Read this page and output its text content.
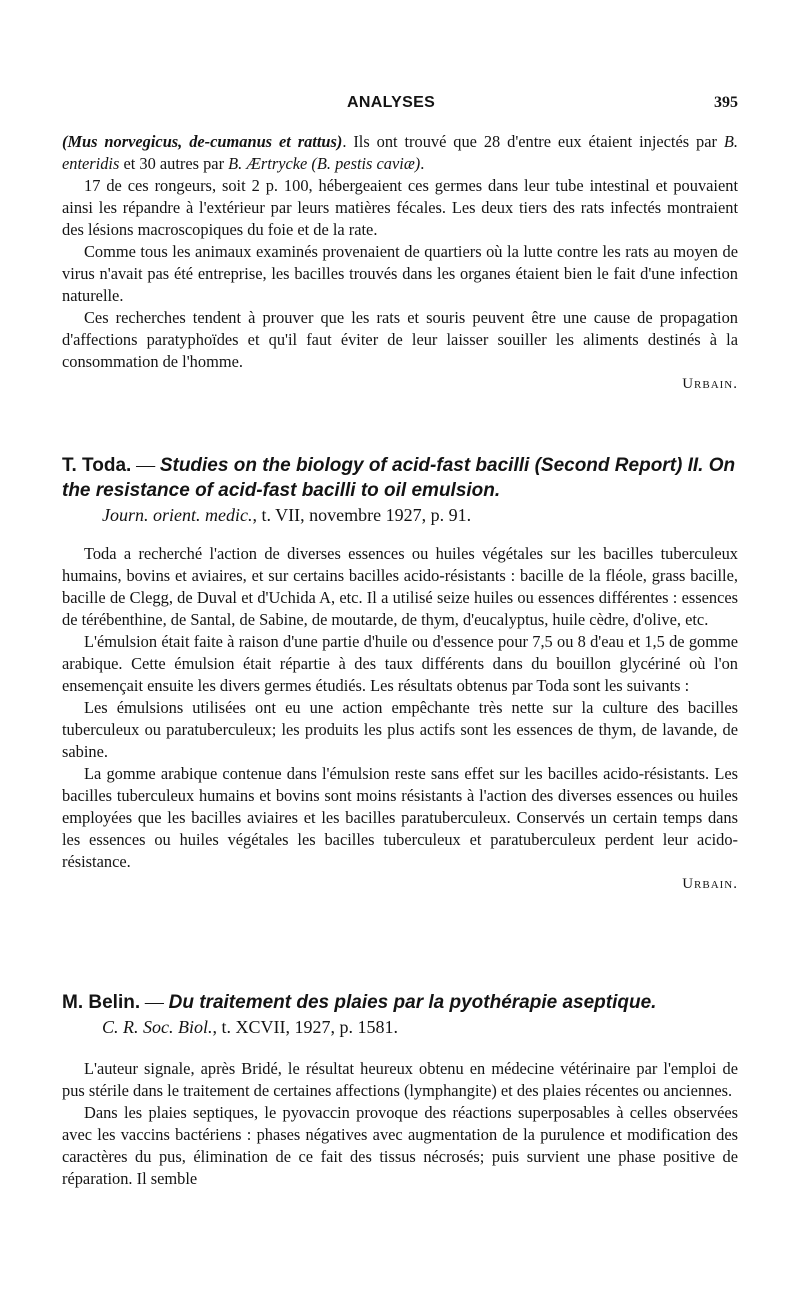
ANALYSES	395

(Mus norvegicus, de-cumanus et rattus). Ils ont trouvé que 28 d'entre eux étaient injectés par B. enteridis et 30 autres par B. Ærtrycke (B. pestis caviæ).

17 de ces rongeurs, soit 2 p. 100, hébergeaient ces germes dans leur tube intestinal et pouvaient ainsi les répandre à l'extérieur par leurs matières fécales. Les deux tiers des rats infectés montraient des lésions macroscopiques du foie et de la rate.

Comme tous les animaux examinés provenaient de quartiers où la lutte contre les rats au moyen de virus n'avait pas été entreprise, les bacilles trouvés dans les organes étaient bien le fait d'une infection naturelle.

Ces recherches tendent à prouver que les rats et souris peuvent être une cause de propagation d'affections paratyphoïdes et qu'il faut éviter de leur laisser souiller les aliments destinés à la consommation de l'homme.

Urbain.
T. Toda. — Studies on the biology of acid-fast bacilli (Second Report) II. On the resistance of acid-fast bacilli to oil emulsion.
Journ. orient. medic., t. VII, novembre 1927, p. 91.

Toda a recherché l'action de diverses essences ou huiles végétales sur les bacilles tuberculeux humains, bovins et aviaires, et sur certains bacilles acido-résistants : bacille de la fléole, grass bacille, bacille de Clegg, de Duval et d'Uchida A, etc. Il a utilisé seize huiles ou essences différentes : essences de térébenthine, de Santal, de Sabine, de moutarde, de thym, d'eucalyptus, huile cèdre, d'olive, etc.

L'émulsion était faite à raison d'une partie d'huile ou d'essence pour 7,5 ou 8 d'eau et 1,5 de gomme arabique. Cette émulsion était répartie à des taux différents dans du bouillon glycériné où l'on ensemençait ensuite les divers germes étudiés. Les résultats obtenus par Toda sont les suivants :

Les émulsions utilisées ont eu une action empêchante très nette sur la culture des bacilles tuberculeux ou paratuberculeux; les produits les plus actifs sont les essences de thym, de lavande, de sabine.

La gomme arabique contenue dans l'émulsion reste sans effet sur les bacilles acido-résistants. Les bacilles tuberculeux humains et bovins sont moins résistants à l'action des diverses essences ou huiles employées que les bacilles aviaires et les bacilles paratuberculeux. Conservés un certain temps dans les essences ou huiles végétales les bacilles tuberculeux et paratuberculeux perdent leur acido-résistance.

Urbain.
M. Belin. — Du traitement des plaies par la pyothérapie aseptique.
C. R. Soc. Biol., t. XCVII, 1927, p. 1581.

L'auteur signale, après Bridé, le résultat heureux obtenu en médecine vétérinaire par l'emploi de pus stérile dans le traitement de certaines affections (lymphangite) et des plaies récentes ou anciennes.

Dans les plaies septiques, le pyovaccin provoque des réactions superposables à celles observées avec les vaccins bactériens : phases négatives avec augmentation de la purulence et modification des caractères du pus, élimination de ce fait des tissus nécrosés; puis survient une phase positive de réparation. Il semble
